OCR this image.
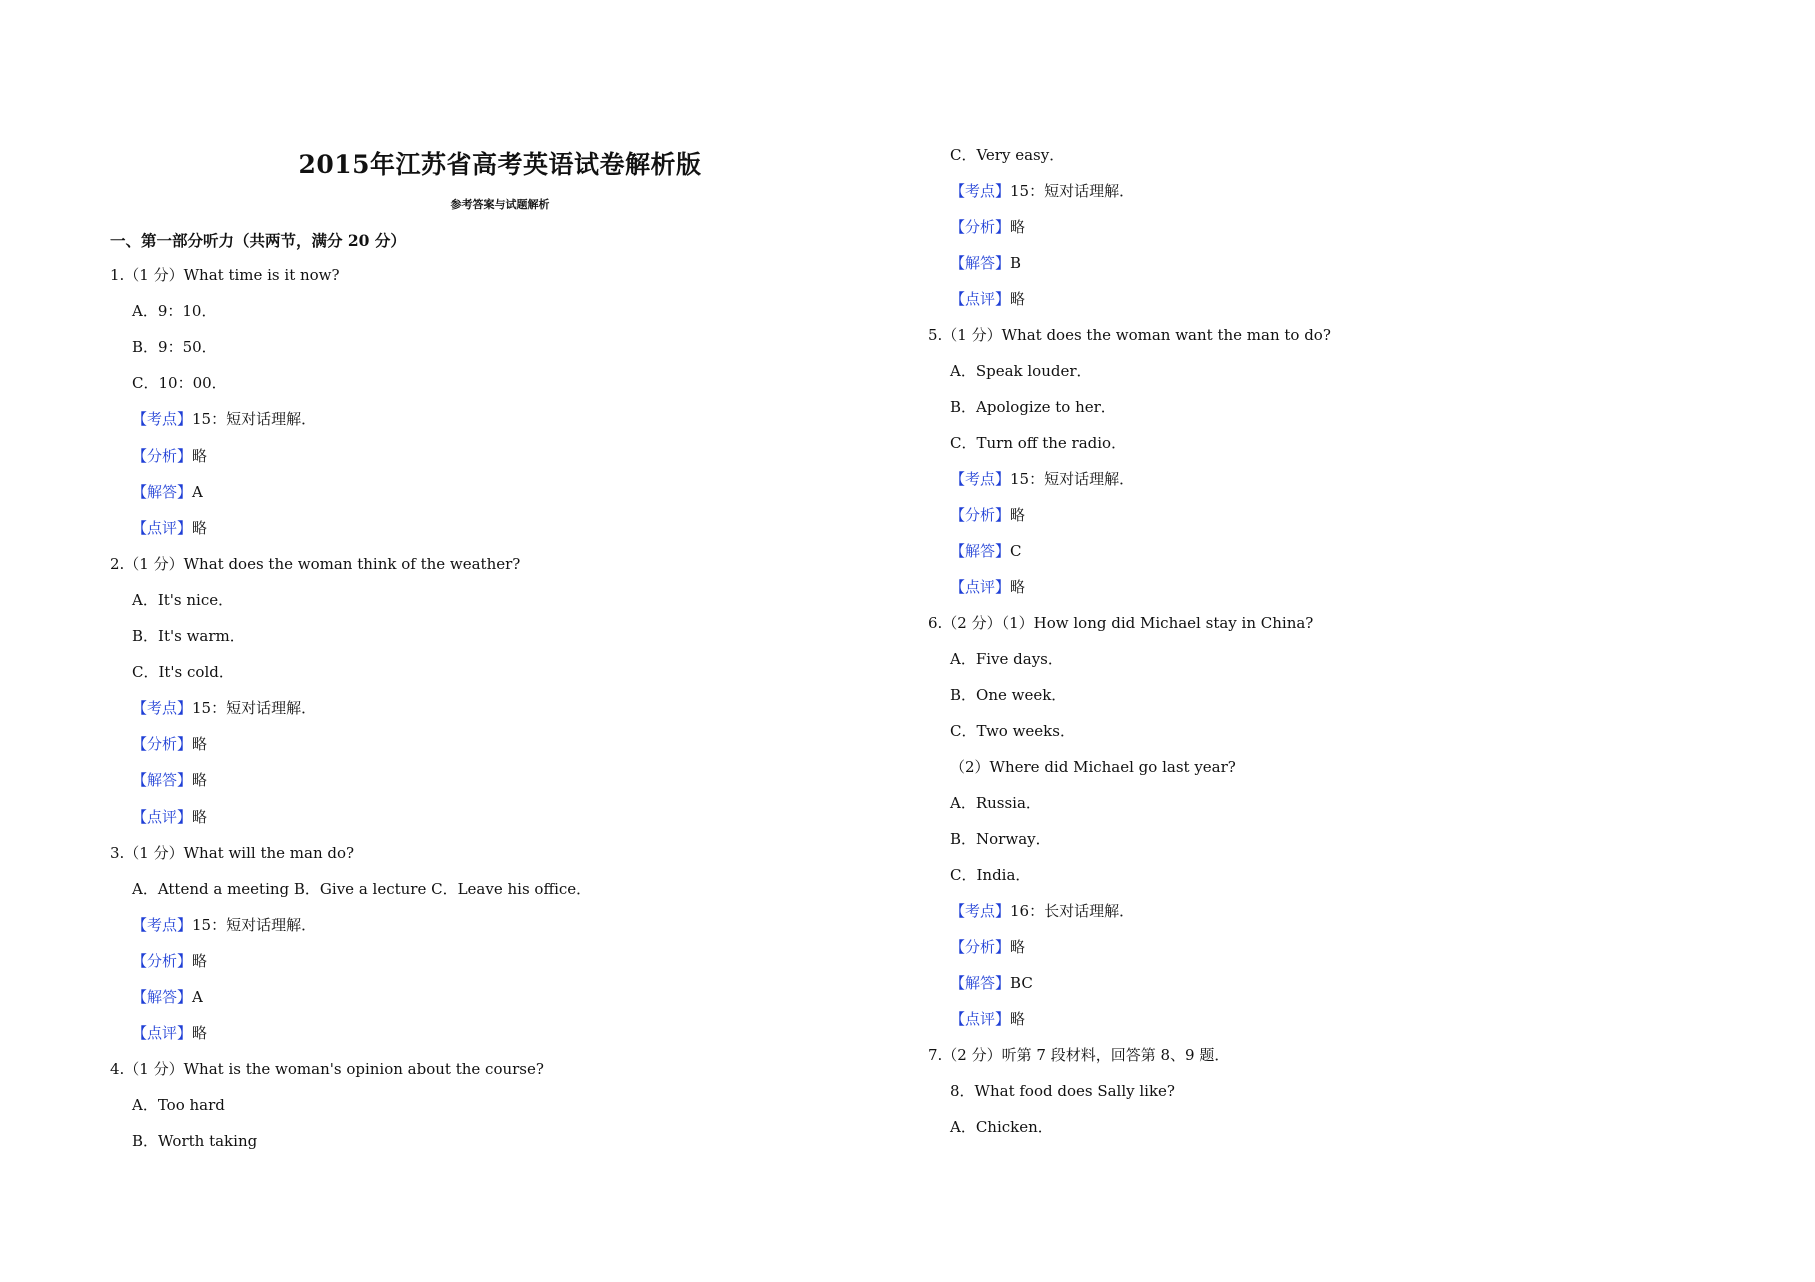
2015年江苏省高考英语试卷解析版
参考答案与试题解析
一、第一部分听力（共两节，满分 20 分）
1.（1 分）What time is it now?
A．9：10．
B．9：50．
C．10：00．
【考点】15：短对话理解．
【分析】略
【解答】A
【点评】略
2.（1 分）What does the woman think of the weather?
A．It's nice．
B．It's warm．
C．It's cold．
【考点】15：短对话理解．
【分析】略
【解答】略
【点评】略
3.（1 分）What will the man do?
A．Attend a meeting B．Give a lecture C．Leave his office．
【考点】15：短对话理解．
【分析】略
【解答】A
【点评】略
4.（1 分）What is the woman's opinion about the course?
A．Too hard
B．Worth taking
C．Very easy．
【考点】15：短对话理解．
【分析】略
【解答】B
【点评】略
5.（1 分）What does the woman want the man to do?
A．Speak louder．
B．Apologize to her．
C．Turn off the radio．
【考点】15：短对话理解．
【分析】略
【解答】C
【点评】略
6.（2 分）（1）How long did Michael stay in China?
A．Five days．
B．One week．
C．Two weeks．
（2）Where did Michael go last year?
A．Russia．
B．Norway．
C．India．
【考点】16：长对话理解．
【分析】略
【解答】BC
【点评】略
7.（2 分）听第 7 段材料，回答第 8、9 题．
8．What food does Sally like?
A．Chicken．
